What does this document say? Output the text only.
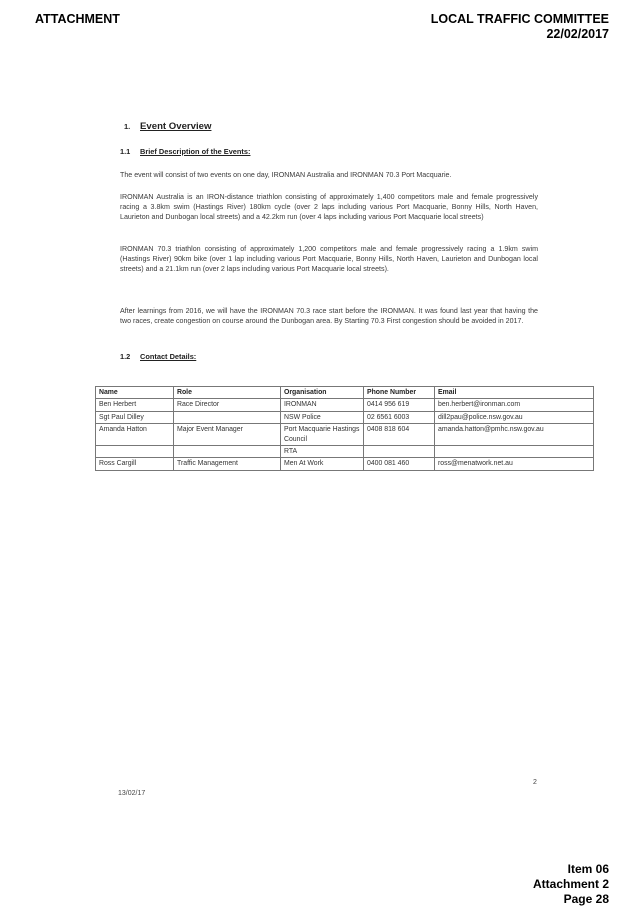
ATTACHMENT	LOCAL TRAFFIC COMMITTEE
22/02/2017
1. Event Overview
1.1 Brief Description of the Events:

The event will consist of two events on one day, IRONMAN Australia and IRONMAN 70.3 Port Macquarie.

IRONMAN Australia is an IRON-distance triathlon consisting of approximately 1,400 competitors male and female progressively racing a 3.8km swim (Hastings River) 180km cycle (over 2 laps including various Port Macquarie, Bonny Hills, North Haven, Laurieton and Dunbogan local streets) and a 42.2km run (over 4 laps including various Port Macquarie local streets)

IRONMAN 70.3 triathlon consisting of approximately 1,200 competitors male and female progressively racing a 1.9km swim (Hastings River) 90km bike (over 1 lap including various Port Macquarie, Bonny Hills, North Haven, Laurieton and Dunbogan local streets) and a 21.1km run (over 2 laps including various Port Macquarie local streets).

After learnings from 2016, we will have the IRONMAN 70.3 race start before the IRONMAN. It was found last year that having the two races, create congestion on course around the Dunbogan area. By Starting 70.3 First congestion should be avoided in 2017.

1.2 Contact Details:
Name	Role	Organisation	Phone Number	Email
Ben Herbert	Race Director	IRONMAN	0414 956 619	ben.herbert@ironman.com
Sgt Paul Dilley		NSW Police	02 6561 6003	dill2pau@police.nsw.gov.au
Amanda Hatton	Major Event Manager	Port Macquarie Hastings Council	0408 818 604	amanda.hatton@pmhc.nsw.gov.au
		RTA		
Ross Cargill	Traffic Management	Men At Work	0400 081 460	ross@menatwork.net.au
2
13/02/17
Item 06
Attachment 2
Page 28
